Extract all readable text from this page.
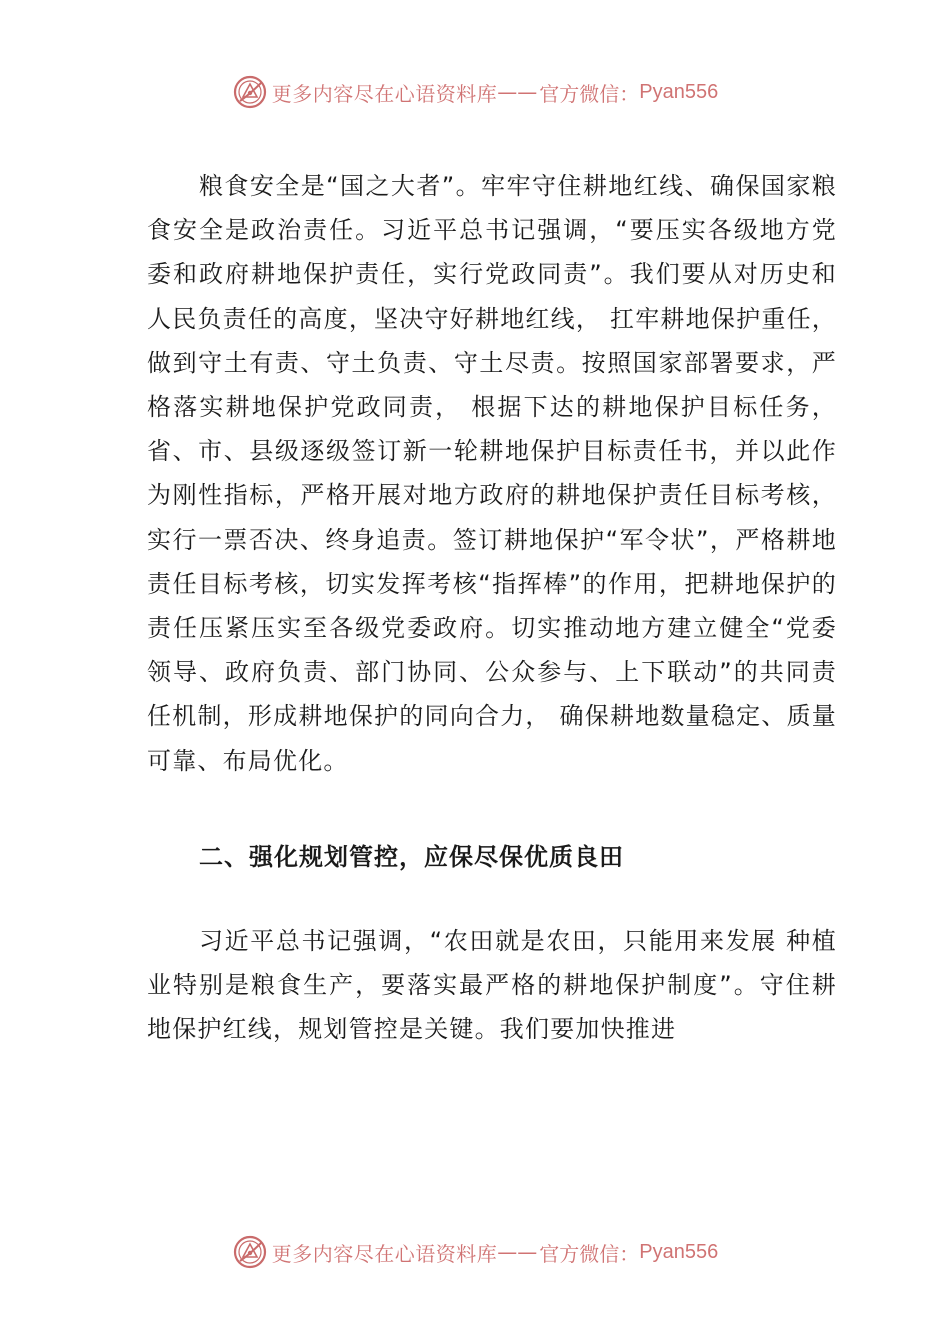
更多内容尽在心语资料库 —— 官方微信： Pyan556

粮食安全是“国之大者”。牢牢守住耕地红线、确保国家粮食安全是政治责任。习近平总书记强调，“要压实各级地方党委和政府耕地保护责任，实行党政同责”。我们要从对历史和人民负责任的高度，坚决守好耕地红线， 扛牢耕地保护重任，做到守土有责、守土负责、守土尽责。按照国家部署要求，严格落实耕地保护党政同责， 根据下达的耕地保护目标任务，省、市、县级逐级签订新一轮耕地保护目标责任书，并以此作为刚性指标，严格开展对地方政府的耕地保护责任目标考核，实行一票否决、终身追责。签订耕地保护“军令状”，严格耕地责任目标考核，切实发挥考核“指挥棒”的作用，把耕地保护的责任压紧压实至各级党委政府。切实推动地方建立健全“党委领导、政府负责、部门协同、公众参与、上下联动”的共同责任机制，形成耕地保护的同向合力， 确保耕地数量稳定、质量可靠、布局优化。

二、强化规划管控，应保尽保优质良田

习近平总书记强调，“农田就是农田，只能用来发展 种植业特别是粮食生产，要落实最严格的耕地保护制度”。守住耕地保护红线，规划管控是关键。我们要加快推进

更多内容尽在心语资料库 —— 官方微信： Pyan556
